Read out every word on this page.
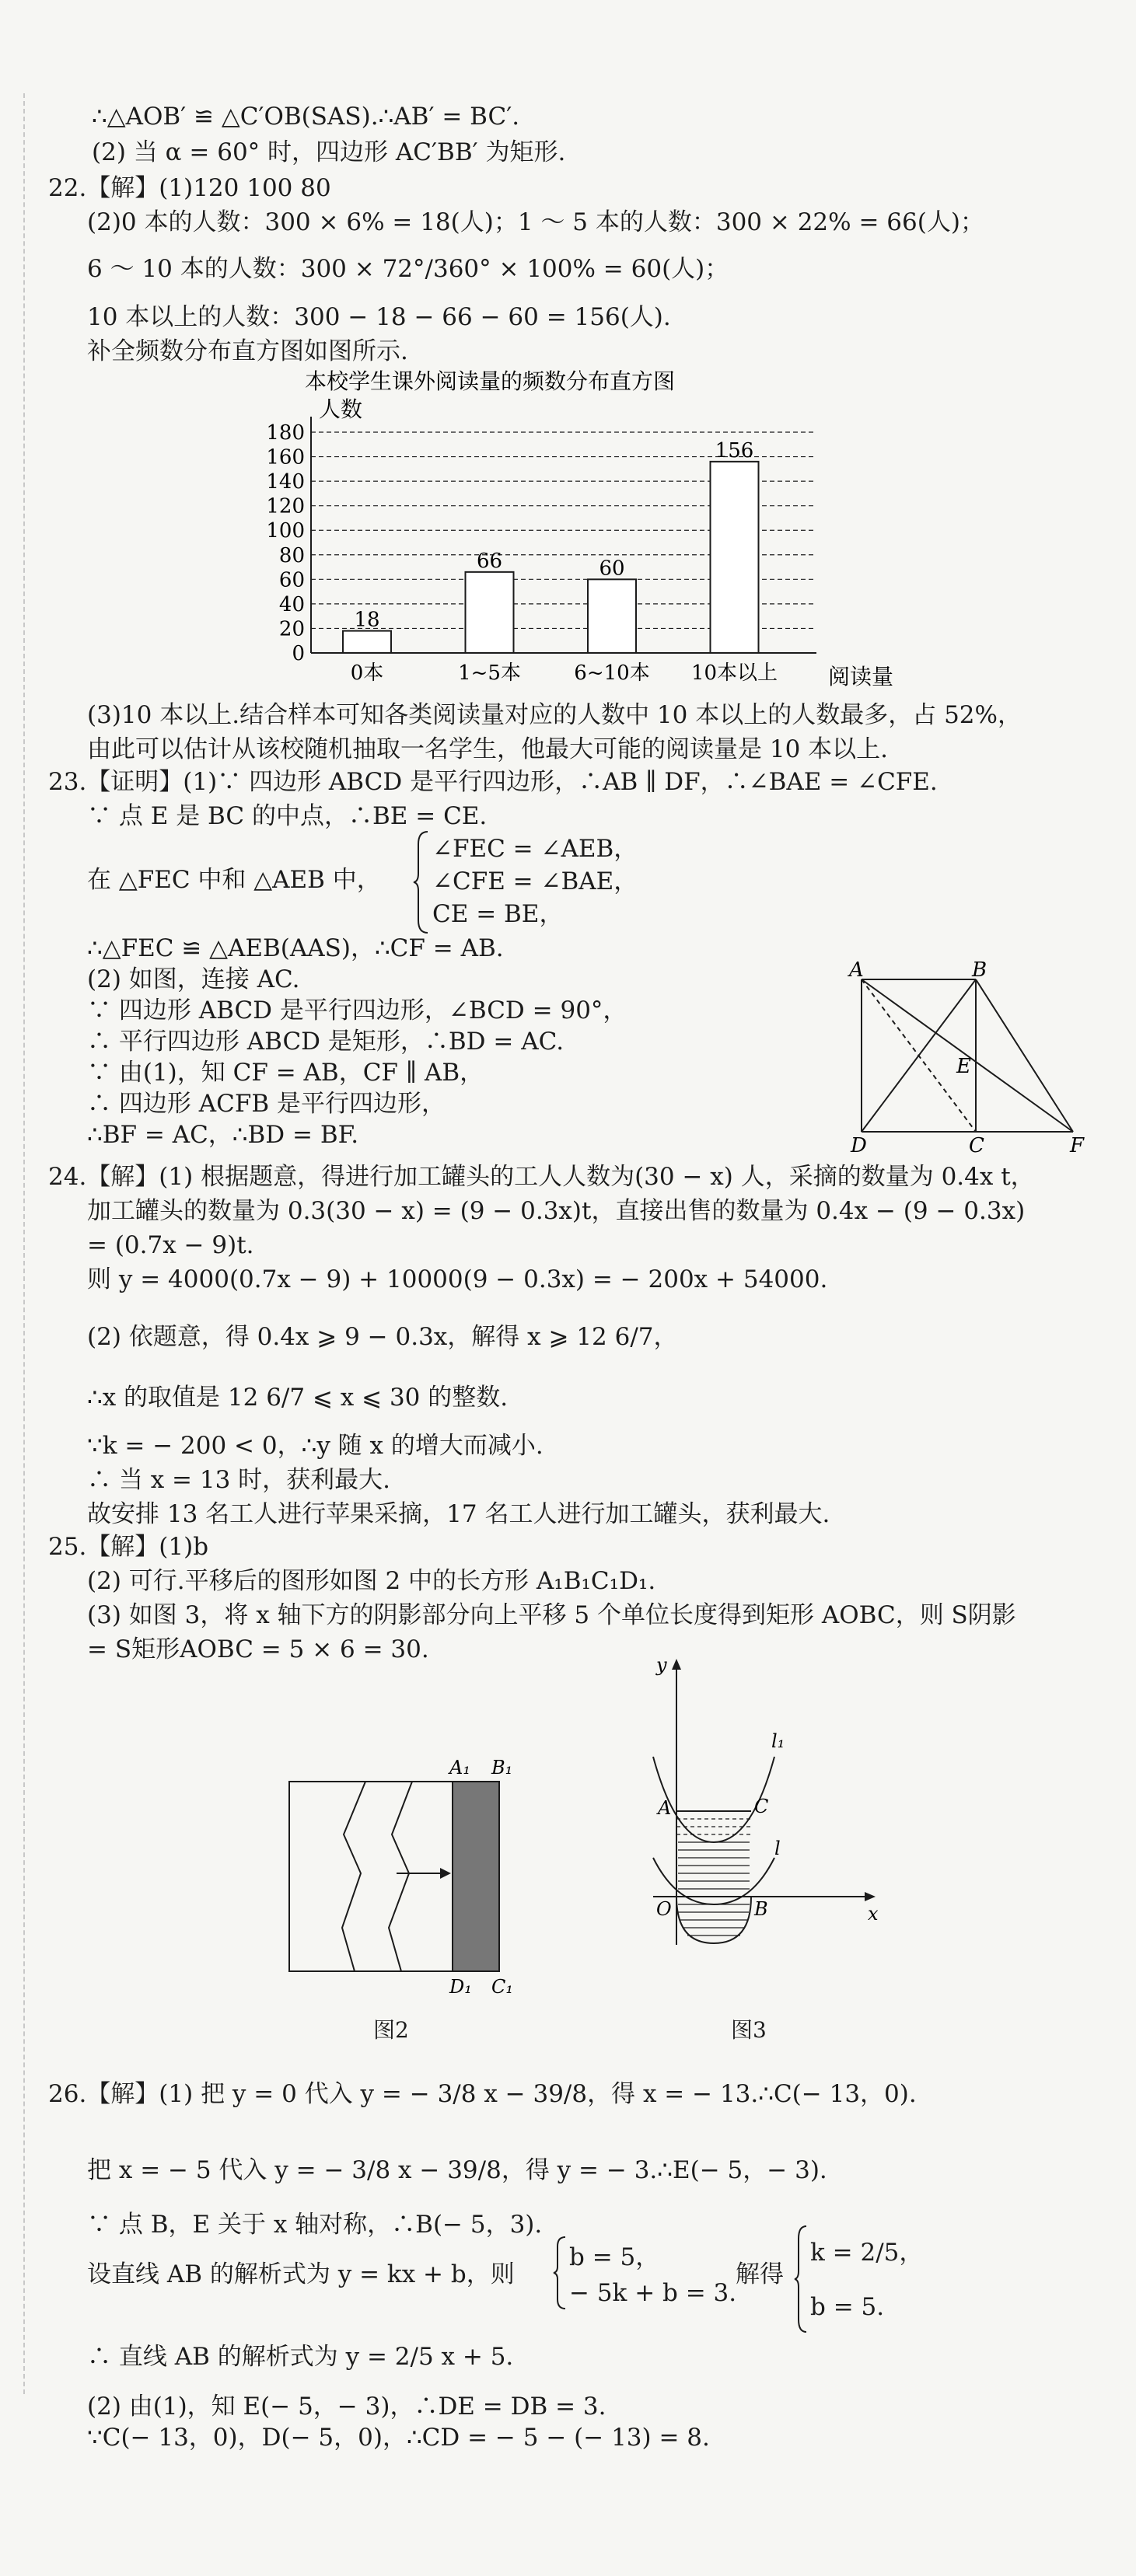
∴△AOB′ ≌ △C′OB(SAS).∴AB′ = BC′.
(2) 当 α = 60° 时，四边形 AC′BB′ 为矩形.
22.【解】(1)120 100 80
(2)0 本的人数：300 × 6% = 18(人)；1 ～ 5 本的人数：300 × 22% = 66(人)；
6 ～ 10 本的人数：300 × 72°/360° × 100% = 60(人)；
10 本以上的人数：300 − 18 − 66 − 60 = 156(人).
补全频数分布直方图如图所示.
本校学生课外阅读量的频数分布直方图
人数
阅读量
18
66	60
156
0
20
40
60
80
100
120
140
160
180
0本	1~5本	6~10本 10本以上
(3)10 本以上.结合样本可知各类阅读量对应的人数中 10 本以上的人数最多，占 52%，
由此可以估计从该校随机抽取一名学生，他最大可能的阅读量是 10 本以上.
23.【证明】(1)∵ 四边形 ABCD 是平行四边形，∴AB ∥ DF，∴∠BAE = ∠CFE.
∵ 点 E 是 BC 的中点，∴BE = CE.
在 △FEC 中和 △AEB 中，
∠FEC = ∠AEB，
∠CFE = ∠BAE，
CE = BE，
∴△FEC ≌ △AEB(AAS)，∴CF = AB.
(2) 如图，连接 AC.
∵ 四边形 ABCD 是平行四边形，∠BCD = 90°，
∴ 平行四边形 ABCD 是矩形，∴BD = AC.
∵ 由(1)，知 CF = AB，CF ∥ AB，
∴ 四边形 ACFB 是平行四边形，
∴BF = AC，∴BD = BF.
A	B
D	C	F
E
24.【解】(1) 根据题意，得进行加工罐头的工人人数为(30 − x) 人，采摘的数量为 0.4x t，
加工罐头的数量为 0.3(30 − x) = (9 − 0.3x)t，直接出售的数量为 0.4x − (9 − 0.3x)
= (0.7x − 9)t.
则 y = 4000(0.7x − 9) + 10000(9 − 0.3x) = − 200x + 54000.
(2) 依题意，得 0.4x ⩾ 9 − 0.3x，解得 x ⩾ 12 6/7，
∴x 的取值是 12 6/7 ⩽ x ⩽ 30 的整数.
∵k = − 200 < 0，∴y 随 x 的增大而减小.
∴ 当 x = 13 时，获利最大.
故安排 13 名工人进行苹果采摘，17 名工人进行加工罐头，获利最大.
25.【解】(1)b
(2) 可行.平移后的图形如图 2 中的长方形 A₁B₁C₁D₁.
(3) 如图 3，将 x 轴下方的阴影部分向上平移 5 个单位长度得到矩形 AOBC，则 S阴影
= S矩形AOBC = 5 × 6 = 30.
A₁ B₁
D₁ C₁
图2
y
x
O
A
B
C
l₁
l
图3
26.【解】(1) 把 y = 0 代入 y = − 3/8 x − 39/8，得 x = − 13.∴C(− 13，0).
把 x = − 5 代入 y = − 3/8 x − 39/8，得 y = − 3.∴E(− 5，− 3).
∵ 点 B，E 关于 x 轴对称，∴B(− 5，3).
设直线 AB 的解析式为 y = kx + b，则
b = 5，
− 5k + b = 3.
解得
k = 2/5，
b = 5.
∴ 直线 AB 的解析式为 y = 2/5 x + 5.
(2) 由(1)，知 E(− 5，− 3)，∴DE = DB = 3.
∵C(− 13，0)，D(− 5，0)，∴CD = − 5 − (− 13) = 8.
